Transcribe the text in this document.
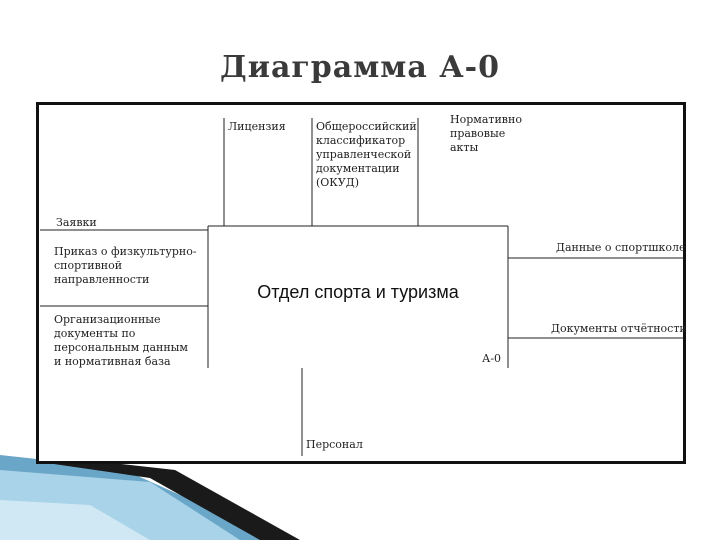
Диаграмма А-0
Лицензия	Общероссийский
классификатор
управленческой
документации
(ОКУД)
Нормативно
правовые
акты
Заявки
Приказ о физкультурно-
спортивной
направленности
Организационные
документы по
персональным данным
и нормативная база
Данные о спортшколе
Документы отчётности
Персонал
Отдел спорта и туризма
А-0
